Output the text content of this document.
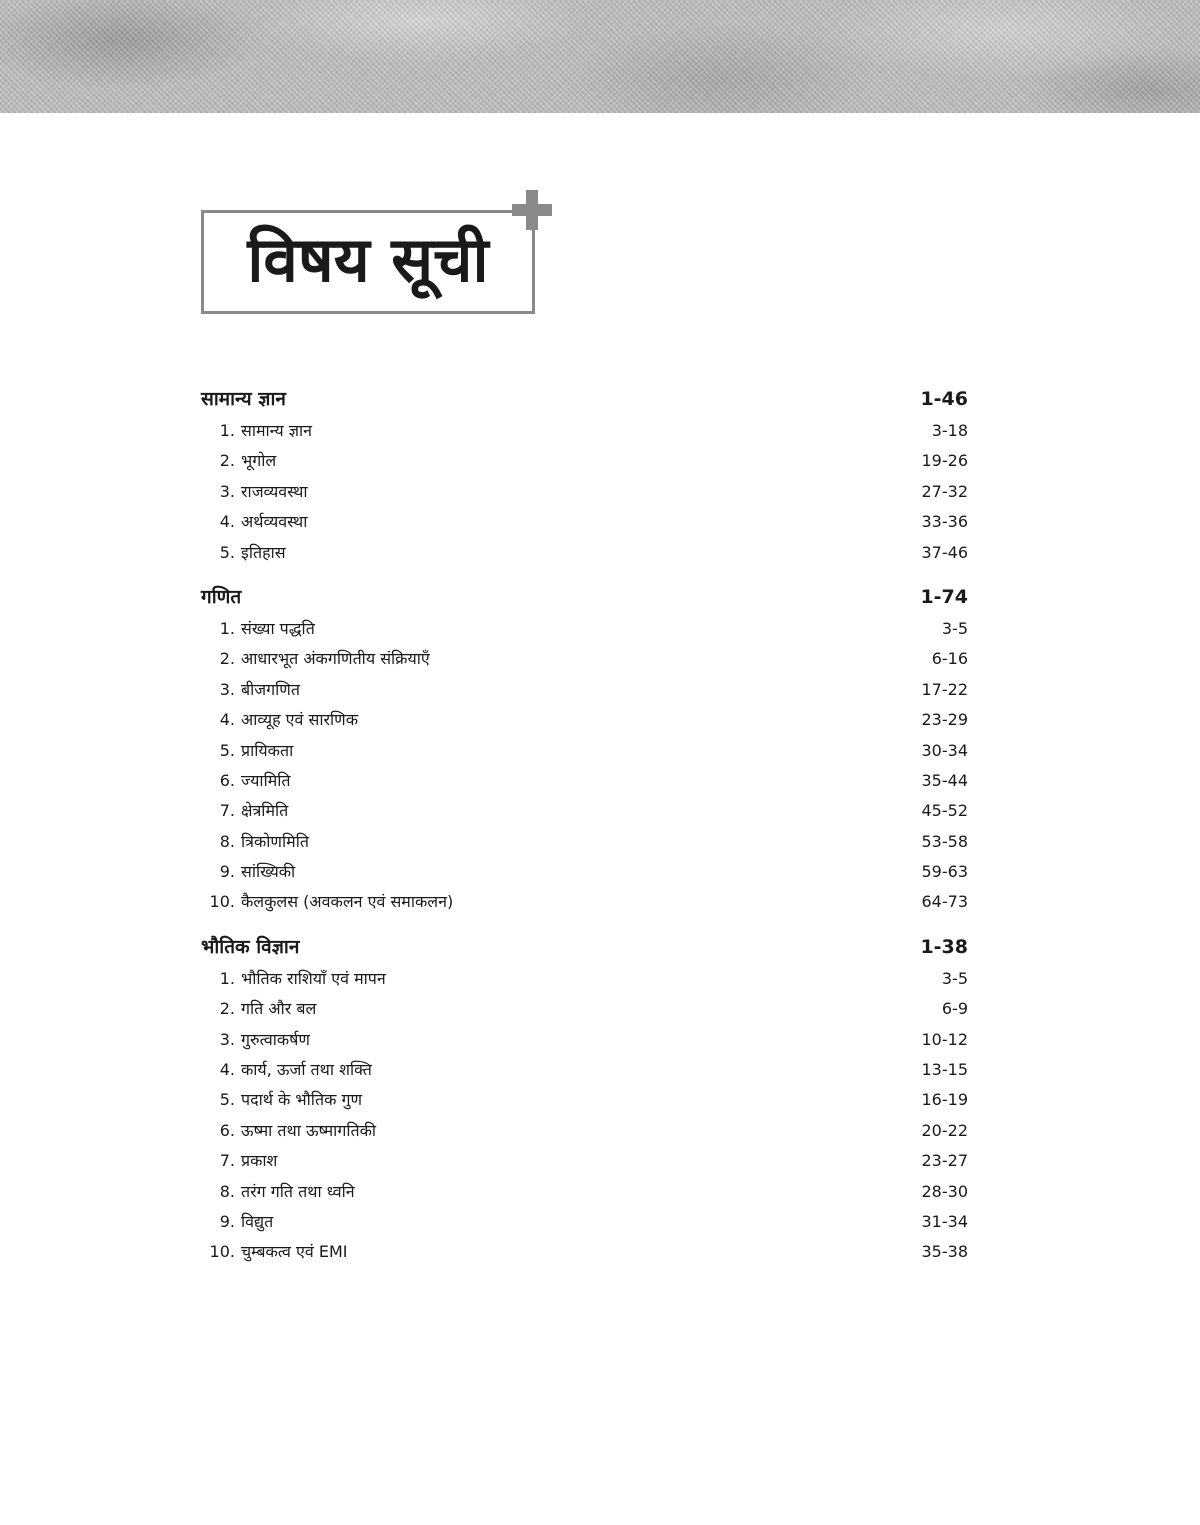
विषय सूची
सामान्य ज्ञान	1-46
1. सामान्य ज्ञान	3-18
2. भूगोल	19-26
3. राजव्यवस्था	27-32
4. अर्थव्यवस्था	33-36
5. इतिहास	37-46
गणित	1-74
1. संख्या पद्धति	3-5
2. आधारभूत अंकगणितीय संक्रियाएँ	6-16
3. बीजगणित	17-22
4. आव्यूह एवं सारणिक	23-29
5. प्रायिकता	30-34
6. ज्यामिति	35-44
7. क्षेत्रमिति	45-52
8. त्रिकोणमिति	53-58
9. सांख्यिकी	59-63
10. कैलकुलस (अवकलन एवं समाकलन)	64-73
भौतिक विज्ञान	1-38
1. भौतिक राशियाँ एवं मापन	3-5
2. गति और बल	6-9
3. गुरुत्वाकर्षण	10-12
4. कार्य, ऊर्जा तथा शक्ति	13-15
5. पदार्थ के भौतिक गुण	16-19
6. ऊष्मा तथा ऊष्मागतिकी	20-22
7. प्रकाश	23-27
8. तरंग गति तथा ध्वनि	28-30
9. विद्युत	31-34
10. चुम्बकत्व एवं EMI	35-38
